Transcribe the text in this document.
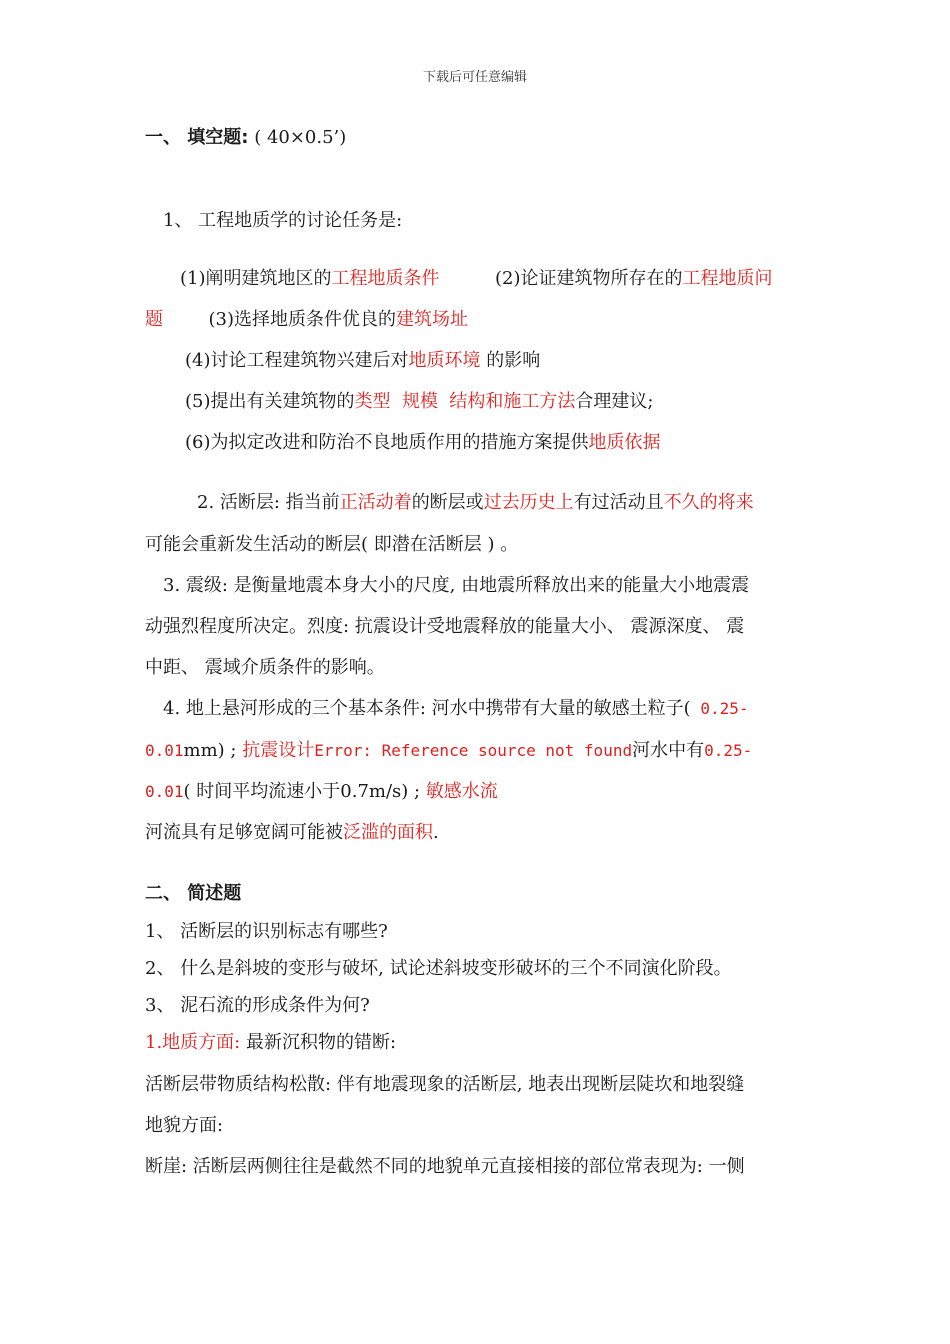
下载后可任意编辑
一、 填空题: ( 40×0.5’)
1、 工程地质学的讨论任务是:
(1)阐明建筑地区的工程地质条件	(2)论证建筑物所存在的工程地质问
题	(3)选择地质条件优良的建筑场址
(4)讨论工程建筑物兴建后对地质环境 的影响
(5)提出有关建筑物的类型  规模  结构和施工方法合理建议;
(6)为拟定改进和防治不良地质作用的措施方案提供地质依据
2. 活断层: 指当前正活动着的断层或过去历史上有过活动且不久的将来
可能会重新发生活动的断层( 即潜在活断层 ) 。
3. 震级: 是衡量地震本身大小的尺度, 由地震所释放出来的能量大小地震震
动强烈程度所决定。烈度: 抗震设计受地震释放的能量大小、 震源深度、 震
中距、 震域介质条件的影响。
4. 地上悬河形成的三个基本条件: 河水中携带有大量的敏感土粒子( 0.25-
0.01mm) ; 抗震设计Error: Reference source not found河水中有0.25-
0.01( 时间平均流速小于0.7m/s) ; 敏感水流
河流具有足够宽阔可能被泛滥的面积.
二、 简述题
1、 活断层的识别标志有哪些?
2、 什么是斜坡的变形与破坏, 试论述斜坡变形破坏的三个不同演化阶段。
3、 泥石流的形成条件为何?
1.地质方面: 最新沉积物的错断:
活断层带物质结构松散: 伴有地震现象的活断层, 地表出现断层陡坎和地裂缝
地貌方面:
断崖: 活断层两侧往往是截然不同的地貌单元直接相接的部位常表现为: 一侧
